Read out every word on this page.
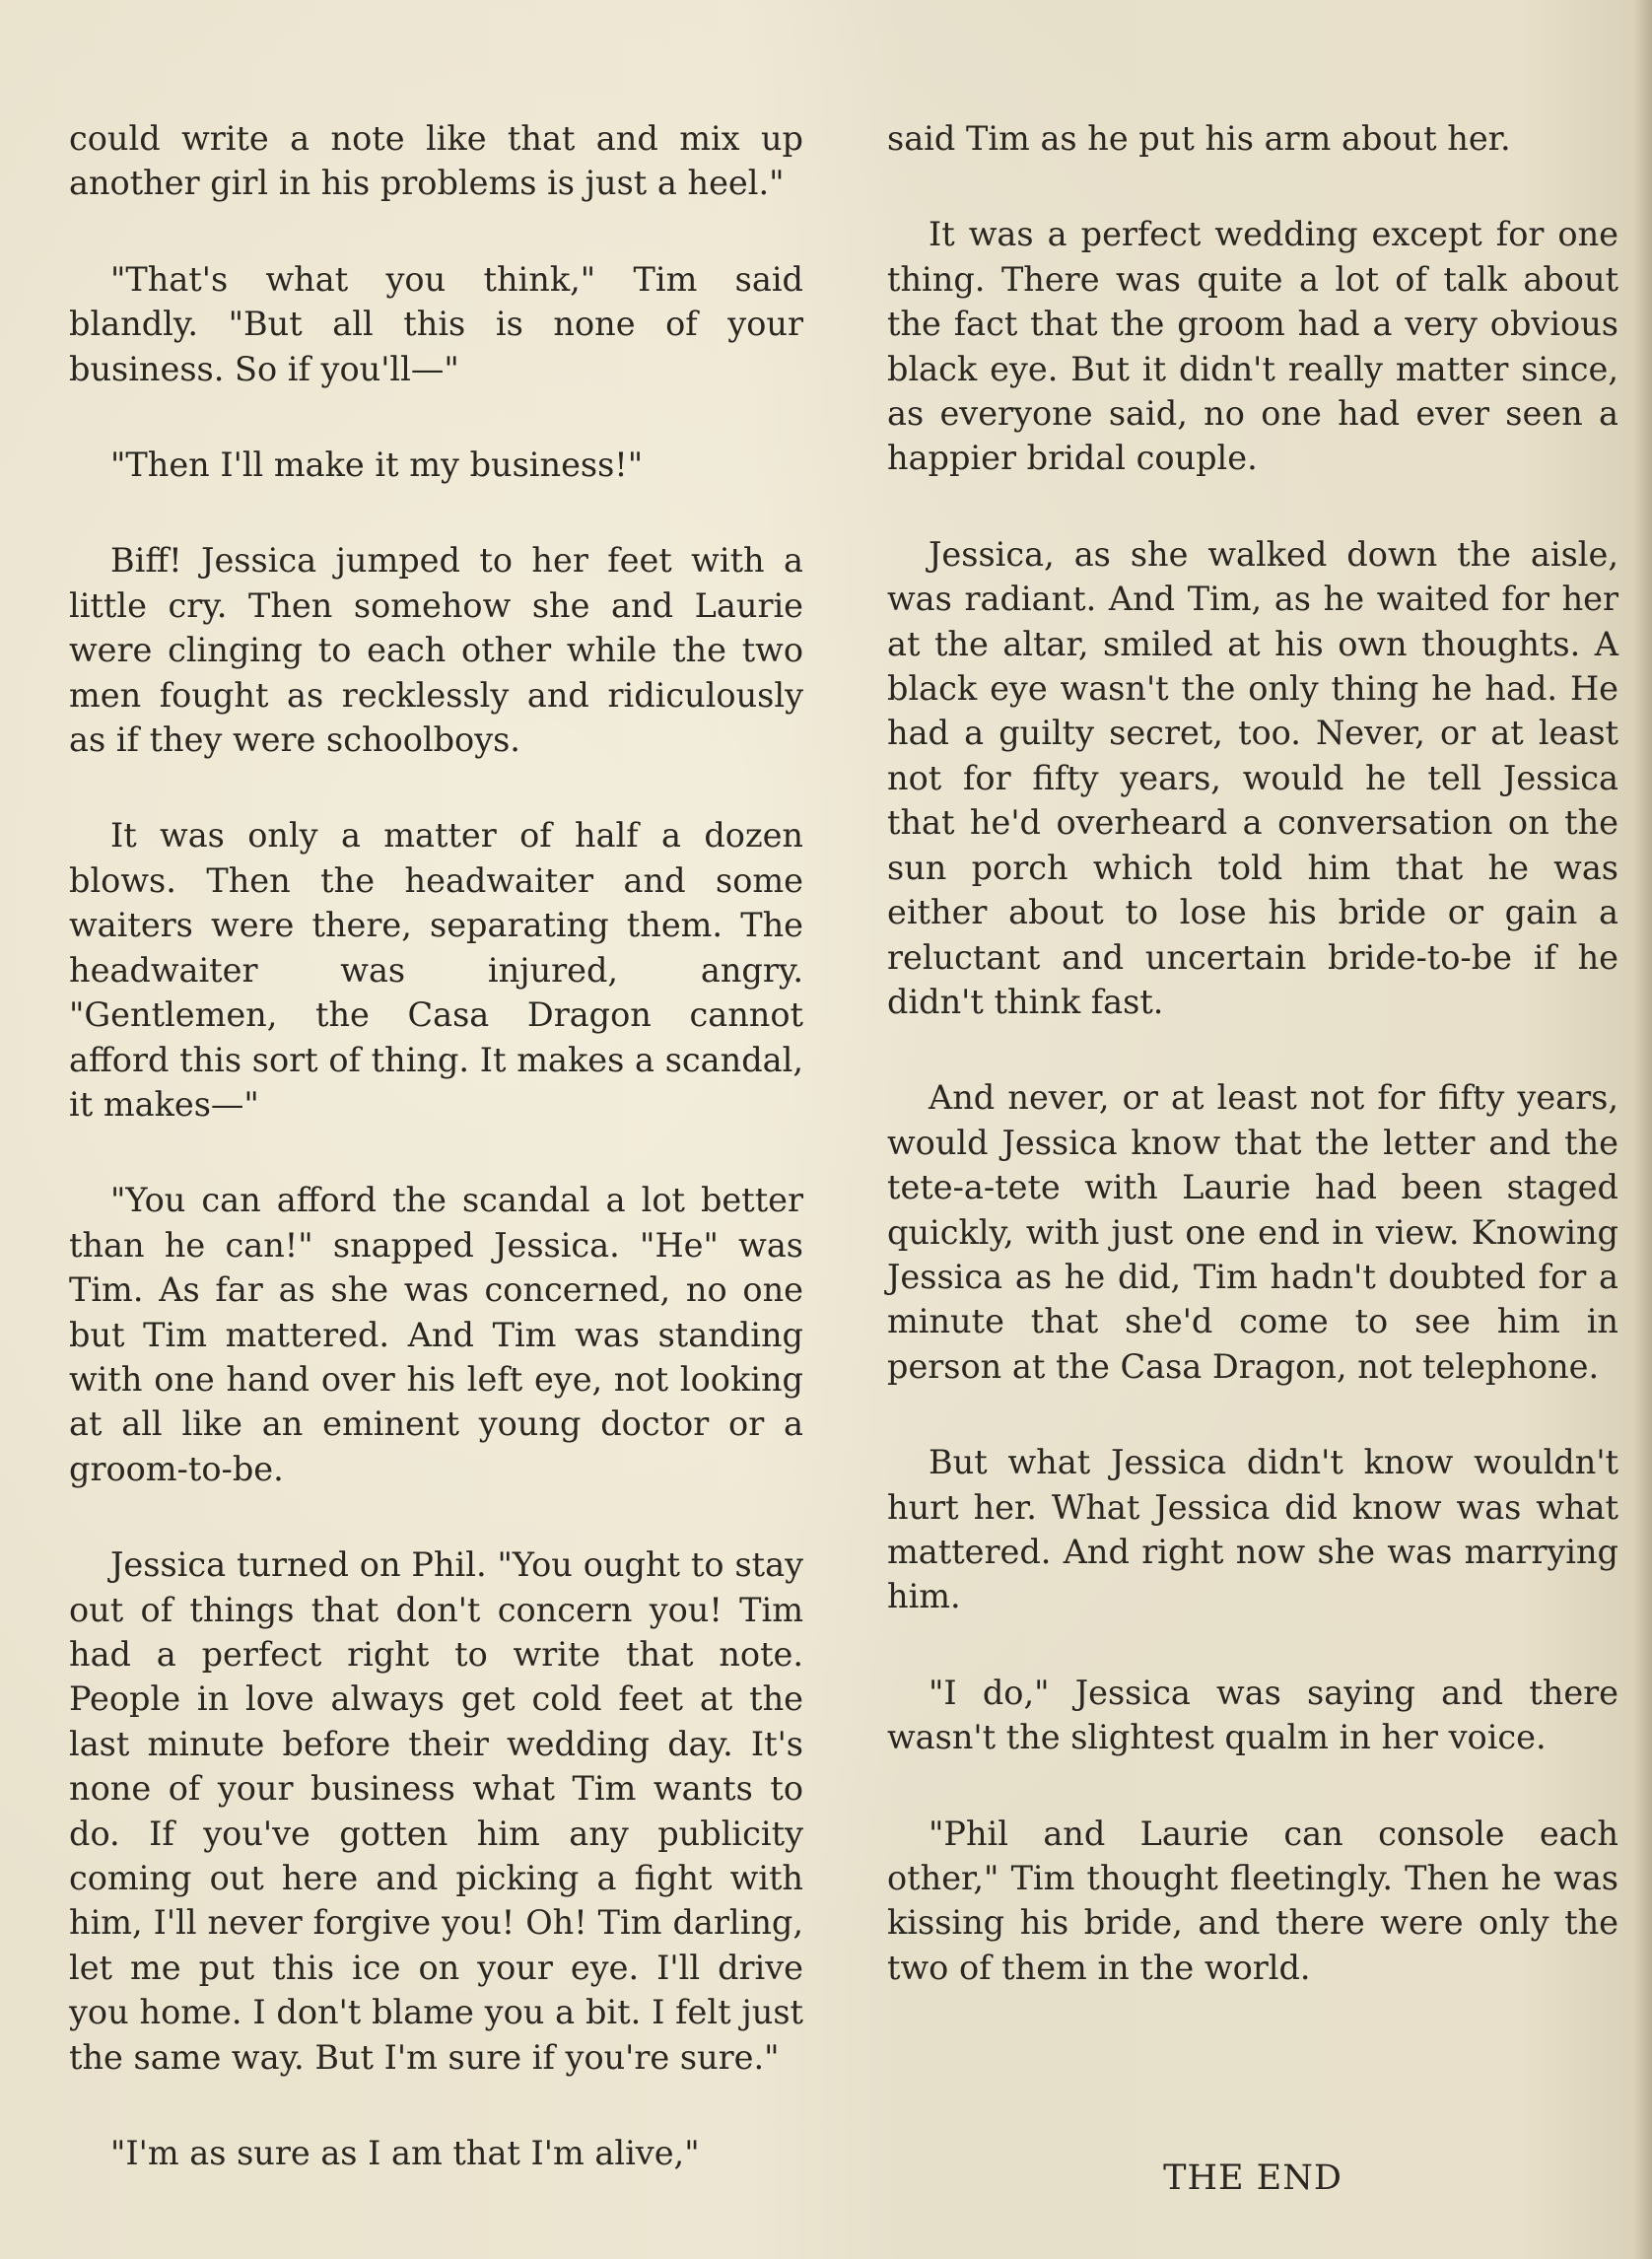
could write a note like that and mix up another girl in his problems is just a heel."

"That's what you think," Tim said blandly. "But all this is none of your business. So if you'll—"

"Then I'll make it my business!"

Biff! Jessica jumped to her feet with a little cry. Then somehow she and Laurie were clinging to each other while the two men fought as recklessly and ridiculously as if they were schoolboys.

It was only a matter of half a dozen blows. Then the headwaiter and some waiters were there, separating them. The headwaiter was injured, angry. "Gentlemen, the Casa Dragon cannot afford this sort of thing. It makes a scandal, it makes—"

"You can afford the scandal a lot better than he can!" snapped Jessica. "He" was Tim. As far as she was concerned, no one but Tim mattered. And Tim was standing with one hand over his left eye, not looking at all like an eminent young doctor or a groom-to-be.

Jessica turned on Phil. "You ought to stay out of things that don't concern you! Tim had a perfect right to write that note. People in love always get cold feet at the last minute before their wedding day. It's none of your business what Tim wants to do. If you've gotten him any publicity coming out here and picking a fight with him, I'll never forgive you! Oh! Tim darling, let me put this ice on your eye. I'll drive you home. I don't blame you a bit. I felt just the same way. But I'm sure if you're sure."

"I'm as sure as I am that I'm alive,"

said Tim as he put his arm about her.

It was a perfect wedding except for one thing. There was quite a lot of talk about the fact that the groom had a very obvious black eye. But it didn't really matter since, as everyone said, no one had ever seen a happier bridal couple.

Jessica, as she walked down the aisle, was radiant. And Tim, as he waited for her at the altar, smiled at his own thoughts. A black eye wasn't the only thing he had. He had a guilty secret, too. Never, or at least not for fifty years, would he tell Jessica that he'd overheard a conversation on the sun porch which told him that he was either about to lose his bride or gain a reluctant and uncertain bride-to-be if he didn't think fast.

And never, or at least not for fifty years, would Jessica know that the letter and the tete-a-tete with Laurie had been staged quickly, with just one end in view. Knowing Jessica as he did, Tim hadn't doubted for a minute that she'd come to see him in person at the Casa Dragon, not telephone.

But what Jessica didn't know wouldn't hurt her. What Jessica did know was what mattered. And right now she was marrying him.

"I do," Jessica was saying and there wasn't the slightest qualm in her voice.

"Phil and Laurie can console each other," Tim thought fleetingly. Then he was kissing his bride, and there were only the two of them in the world.

THE END
